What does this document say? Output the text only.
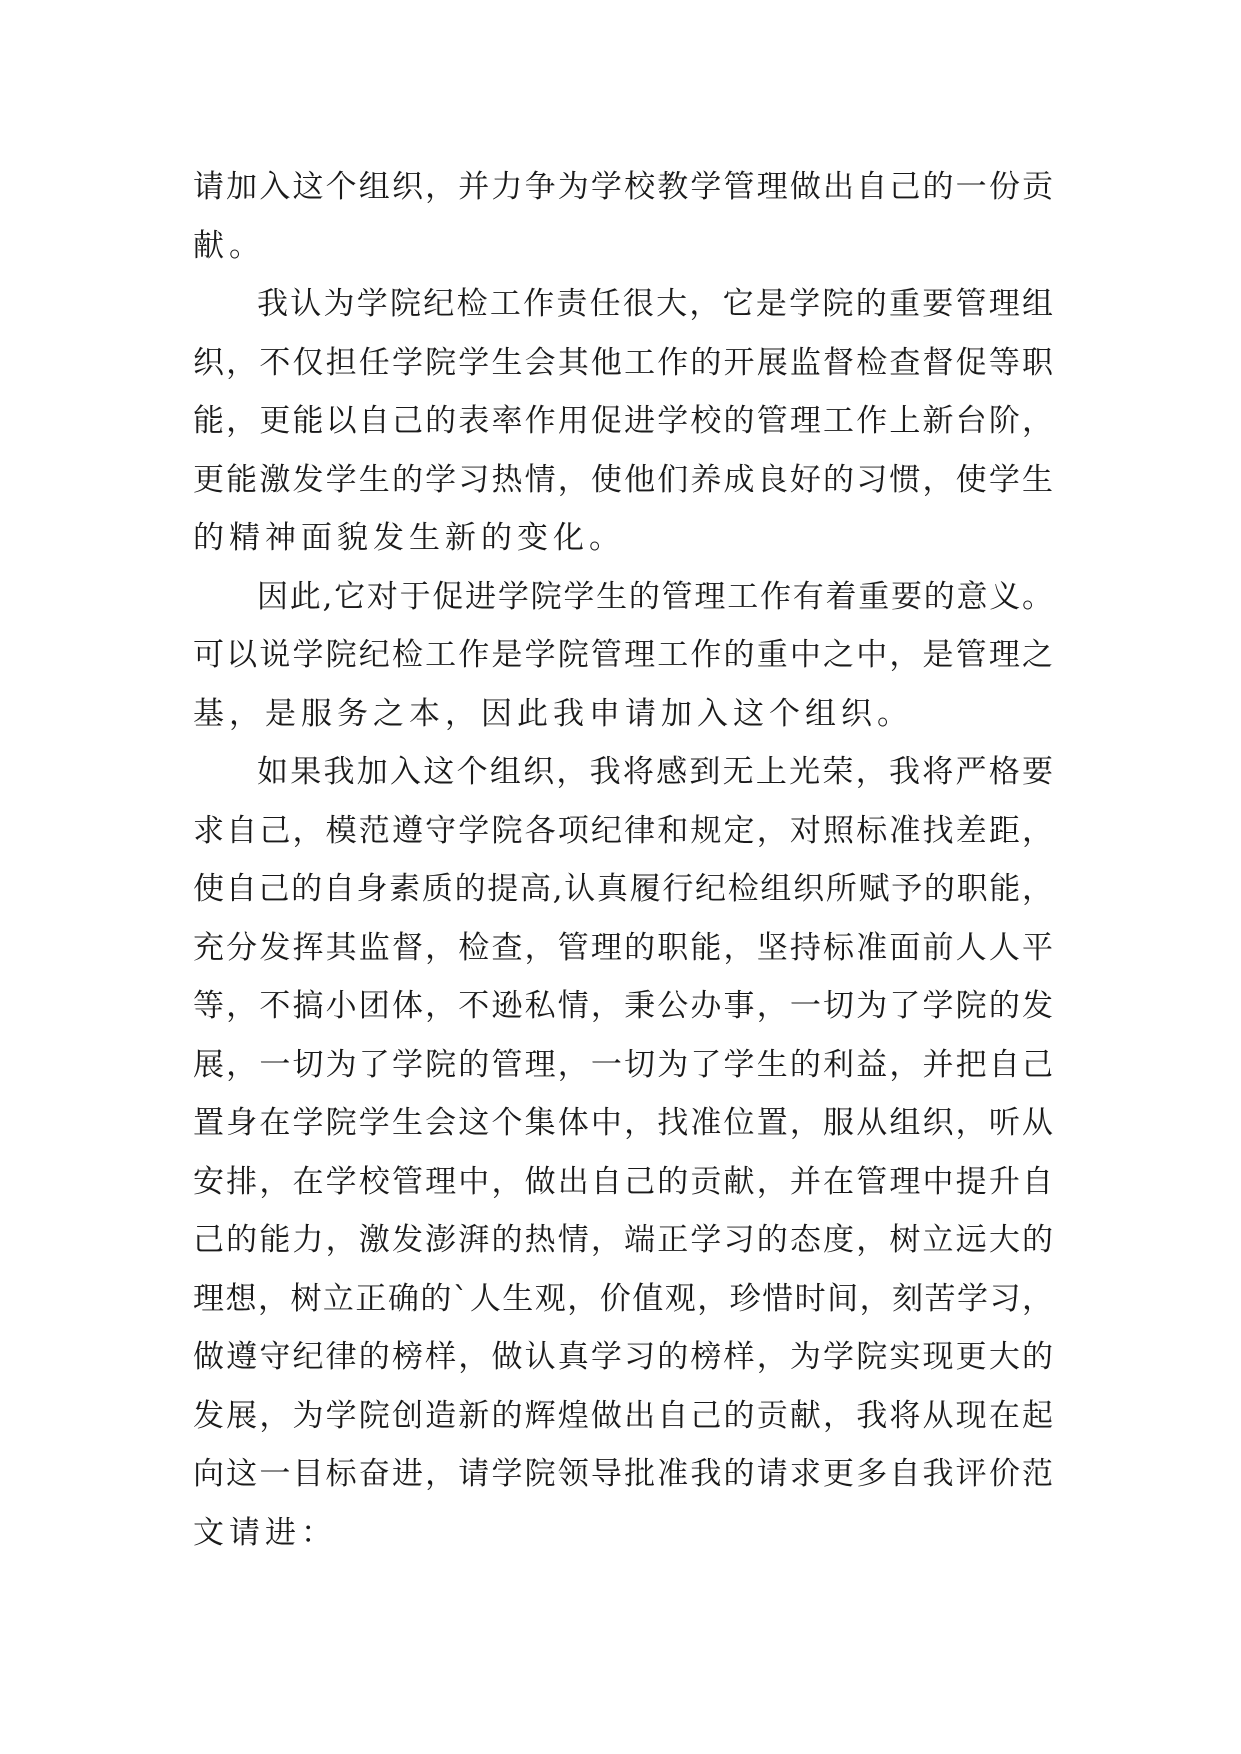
请加入这个组织，并力争为学校教学管理做出自己的一份贡
献。
我认为学院纪检工作责任很大，它是学院的重要管理组
织，不仅担任学院学生会其他工作的开展监督检查督促等职
能，更能以自己的表率作用促进学校的管理工作上新台阶，
更能激发学生的学习热情，使他们养成良好的习惯，使学生
的精神面貌发生新的变化。
因此,它对于促进学院学生的管理工作有着重要的意义。
可以说学院纪检工作是学院管理工作的重中之中，是管理之
基，是服务之本，因此我申请加入这个组织。
如果我加入这个组织，我将感到无上光荣，我将严格要
求自己，模范遵守学院各项纪律和规定，对照标准找差距，
使自己的自身素质的提高,认真履行纪检组织所赋予的职能，
充分发挥其监督，检查，管理的职能，坚持标准面前人人平
等，不搞小团体，不逊私情，秉公办事，一切为了学院的发
展，一切为了学院的管理，一切为了学生的利益，并把自己
置身在学院学生会这个集体中，找准位置，服从组织，听从
安排，在学校管理中，做出自己的贡献，并在管理中提升自
己的能力，激发澎湃的热情，端正学习的态度，树立远大的
理想，树立正确的`人生观，价值观，珍惜时间，刻苦学习，
做遵守纪律的榜样，做认真学习的榜样，为学院实现更大的
发展，为学院创造新的辉煌做出自己的贡献，我将从现在起
向这一目标奋进，请学院领导批准我的请求更多自我评价范
文请进：
